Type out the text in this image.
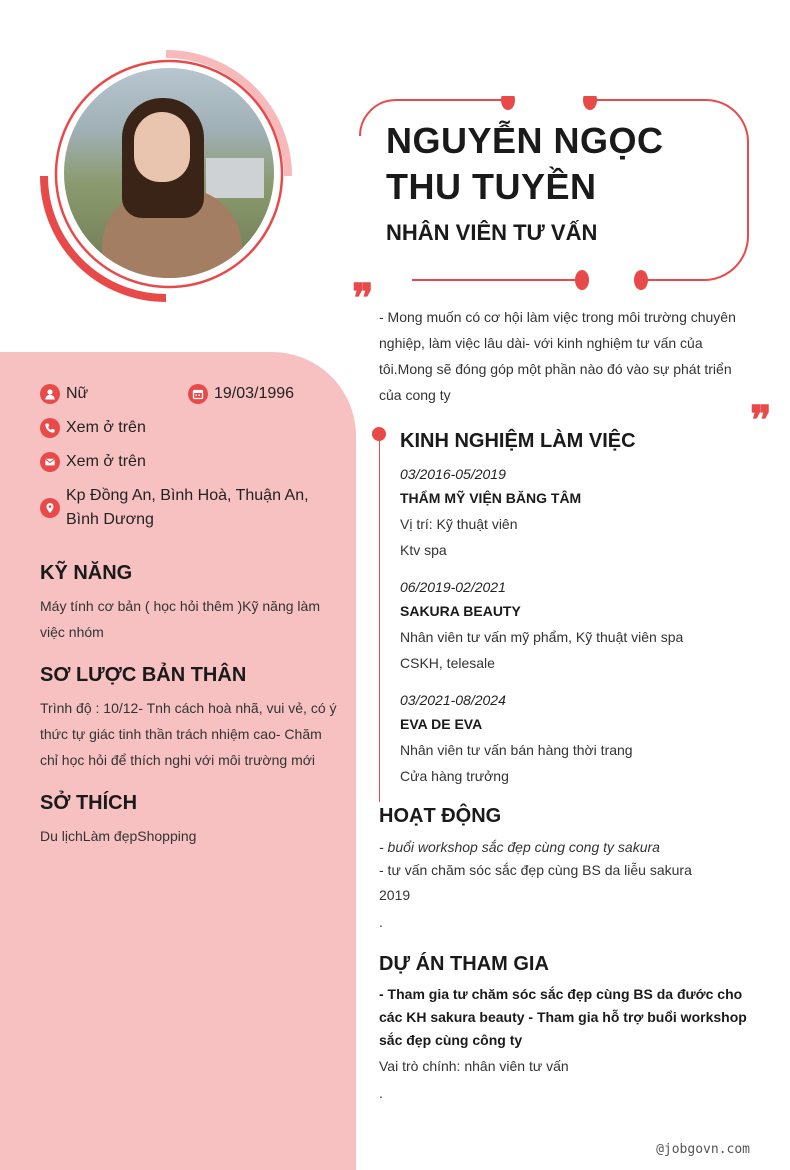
NGUYỄN NGỌC THU TUYỀN
NHÂN VIÊN TƯ VẤN
❞
❞

- Mong muốn có cơ hội làm việc trong môi trường chuyên nghiệp, làm việc lâu dài- với kinh nghiệm tư vấn của tôi.Mong sẽ đóng góp một phần nào đó vào sự phát triển của cong ty

Nữ	19/03/1996
Xem ở trên
Xem ở trên
Kp Đồng An, Bình Hoà, Thuận An, Bình Dương
KỸ NĂNG

Máy tính cơ bản ( học hỏi thêm )Kỹ năng làm việc nhóm

SƠ LƯỢC BẢN THÂN

Trình độ : 10/12- Tnh cách hoà nhã, vui vẻ, có ý thức tự giác tinh thần trách nhiệm cao- Chăm chỉ học hỏi để thích nghi với môi trường mới

SỞ THÍCH

Du lịchLàm đẹpShopping

KINH NGHIỆM LÀM VIỆC
03/2016-05/2019
THẨM MỸ VIỆN BĂNG TÂM
Vị trí: Kỹ thuật viên
Ktv spa
06/2019-02/2021
SAKURA BEAUTY
Nhân viên tư vấn mỹ phẩm, Kỹ thuật viên spa
CSKH, telesale
03/2021-08/2024
EVA DE EVA
Nhân viên tư vấn bán hàng thời trang
Cửa hàng trưởng
HOẠT ĐỘNG

- buổi workshop sắc đẹp cùng cong ty sakura

- tư vấn chăm sóc sắc đẹp cùng BS da liễu sakura 2019

.

DỰ ÁN THAM GIA

- Tham gia tư chăm sóc sắc đẹp cùng BS da đước cho các KH sakura beauty - Tham gia hỗ trợ buổi workshop sắc đẹp cùng công ty

Vai trò chính: nhân viên tư vấn

.

@jobgovn.com
